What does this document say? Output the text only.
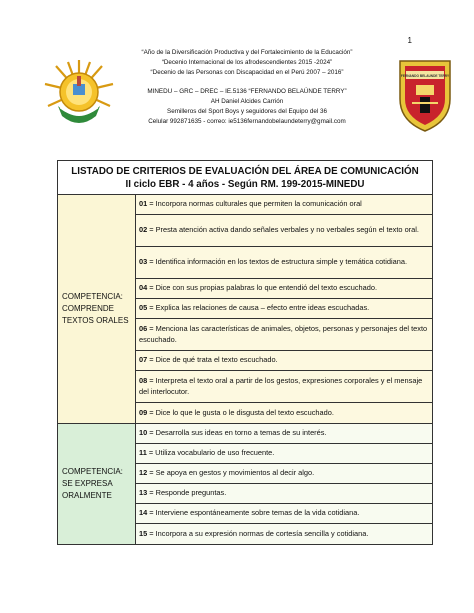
1
“Año de la Diversificación Productiva y del Fortalecimiento de la Educación”
“Decenio Internacional de los afrodescendientes 2015 -2024”
“Decenio de las Personas con Discapacidad en el Perú 2007 – 2016”
MINEDU – GRC – DREC – IE.5136 “FERNANDO BELAÚNDE TERRY”
AH Daniel Alcides Carrión
Semilleros del Sport Boys y seguidores del Equipo del 36
Celular 992871635 - correo: ie5136fernandobelaundeterry@gmail.com
FERNANDO BELAUNDE TERRY
LISTADO DE CRITERIOS DE EVALUACIÓN DEL ÁREA DE COMUNICACIÓN
II ciclo EBR - 4 años - Según RM. 199-2015-MINEDU
COMPETENCIA:
COMPRENDE
TEXTOS ORALES
01 = Incorpora normas culturales que permiten la comunicación oral
02 = Presta atención activa dando señales verbales y no verbales según el texto oral.
03 = Identifica información en los textos de estructura simple y temática cotidiana.
04 = Dice con sus propias palabras lo que entendió del texto escuchado.
05 = Explica las relaciones de causa – efecto entre ideas escuchadas.
06 = Menciona las características de animales, objetos, personas y personajes del texto escuchado.
07 = Dice de qué trata el texto escuchado.
08 = Interpreta el texto oral a partir de los gestos, expresiones corporales y el mensaje del interlocutor.
09 = Dice lo que le gusta o le disgusta del texto escuchado.
COMPETENCIA:
SE EXPRESA
ORALMENTE
10 = Desarrolla sus ideas en torno a temas de su interés.
11 = Utiliza vocabulario de uso frecuente.
12 = Se apoya en gestos y movimientos al decir algo.
13 = Responde preguntas.
14 = Interviene espontáneamente sobre temas de la vida cotidiana.
15 = Incorpora a su expresión normas de cortesía sencilla y cotidiana.
